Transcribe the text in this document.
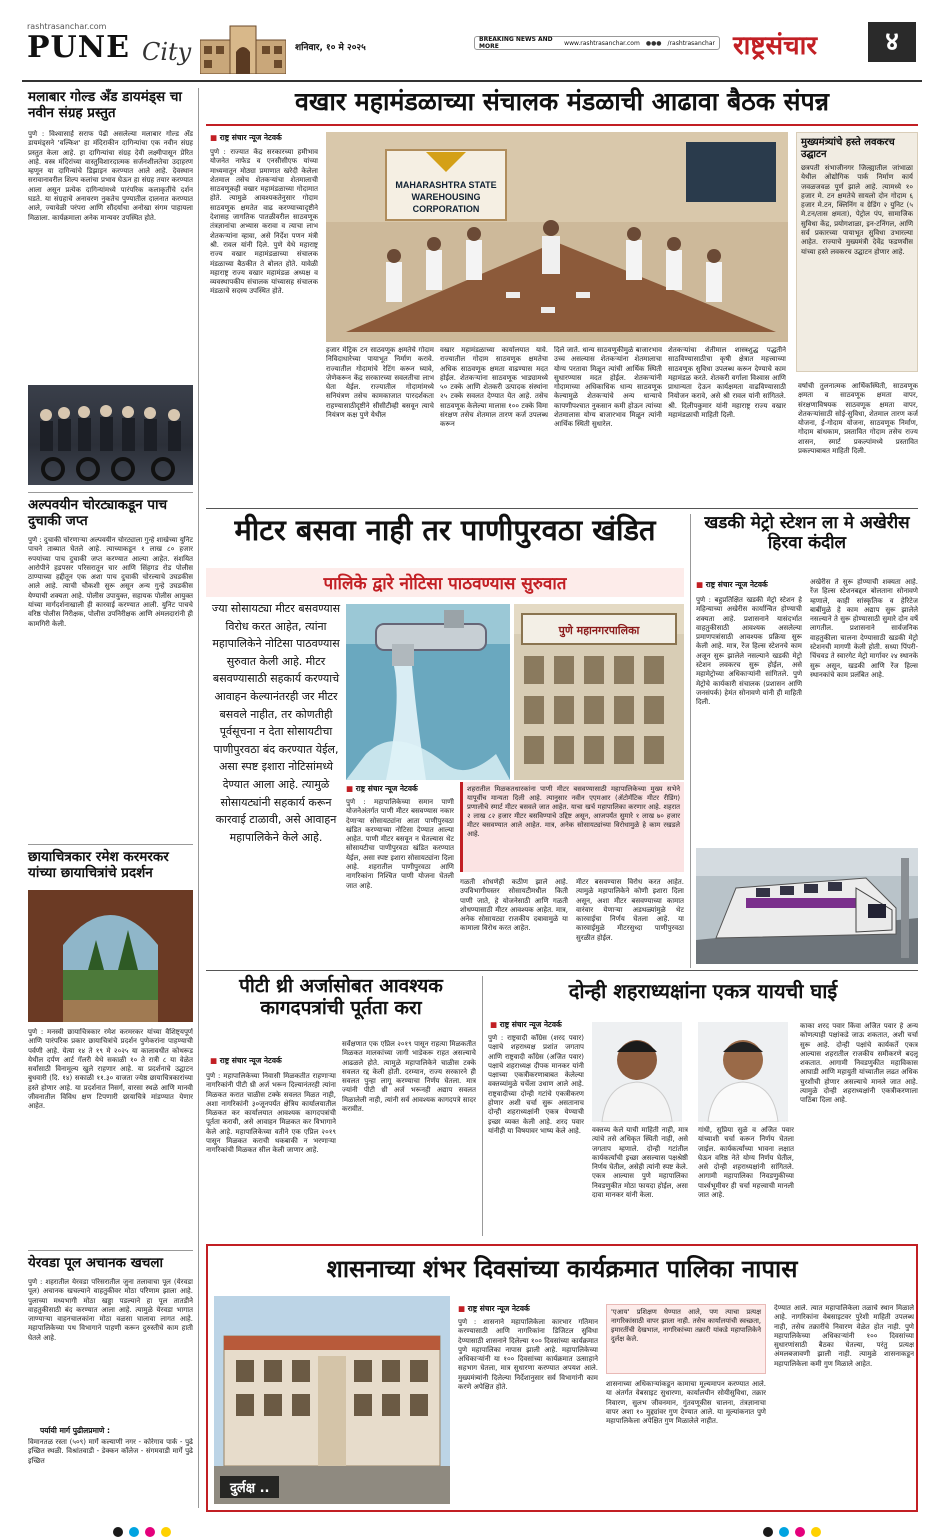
rashtrasanchar.com
PUNE City	शनिवार, १० मे २०२५
BREAKING NEWS AND MORE	www.rashtrasanchar.com ●●● /rashtrasanchar राष्ट्रसंचार	४
मलाबार गोल्ड अँड डायमंड्स चा नवीन संग्रह प्रस्तुत
पुणे : विश्वासार्ह सराफ पेढी असलेल्या मलाबार गोल्ड अँड डायमंड्सने 'वल्किश' हा मंदिराकीन दागिन्यांचा एक नवीन संग्रह प्रस्तुत केला आहे. हा दागिन्यांचा संग्रह देवी लक्ष्मीपासून प्रेरित आहे. वस्त्र मंदिरांच्या वास्तुविशारदात्मक सर्जनशीलतेचा उदाहरण म्हणून या दागिन्यांचे डिझाइन करण्यात आले आहे. देवस्थान सरावानावरील शिल्प कलांचा प्रभाव घेऊन हा संग्रह तयार करण्यात आला असून प्रत्येक दागिन्यांमध्ये पारंपरिक कलाकृतींचे दर्शन घडते. या संग्रहाचे अनावरण नुकतेच पुण्यातील दालनात करण्यात आले, ज्यावेळी परंपरा आणि सौंदर्याचा अनोखा संगम पाहायला मिळाला. कार्यक्रमाला अनेक मान्यवर उपस्थित होते.
अल्पवयीन चोरट्याकडून पाच दुचाकी जप्त
पुणे : दुचाकी चोरणाऱ्या अल्पवयीन चोरट्याला गुन्हे शाखेच्या युनिट पाचने ताब्यात घेतले आहे. त्याच्याकडून १ लाख ८० हजार रुपयांच्या पाच दुचाकी जप्त करण्यात आल्या आहेत. संशयित आरोपीने हडपसर परिसरातून चार आणि सिंहगड रोड पोलीस ठाण्याच्या हद्दीतून एक अशा पाच दुचाकी चोरल्याचे उघडकीस आले आहे. त्याची चौकशी सुरू असून अन्य गुन्हे उघडकीस येण्याची शक्यता आहे. पोलीस उपायुक्त, सहायक पोलीस आयुक्त यांच्या मार्गदर्शनाखाली ही कारवाई करण्यात आली. युनिट पाचचे वरिष्ठ पोलीस निरीक्षक, पोलीस उपनिरीक्षक आणि अंमलदारांनी ही कामगिरी केली.
छायाचित्रकार रमेश करमरकर यांच्या छायाचित्रांचे प्रदर्शन
पुणे : मनस्वी छायाचित्रकार रमेश करमरकर यांच्या वैशिष्ट्यपूर्ण आणि पारंपरिक प्रकार छायाचित्रांचे प्रदर्शन पुणेकरांना पाहण्याची पर्वणी आहे. येत्या १४ ते १९ मे २०२५ या कालावधीत कोथरूड येथील दर्पण आर्ट गॅलरी येथे सकाळी १० ते रात्री ८ या वेळेत सर्वांसाठी विनामूल्य खुले राहणार आहे. या प्रदर्शनाचे उद्घाटन बुधवारी (दि. १४) सकाळी ११.३० वाजता ज्येष्ठ छायाचित्रकारांच्या हस्ते होणार आहे. या प्रदर्शनात निसर्ग, वारसा स्थळे आणि मानवी जीवनातील विविध क्षण टिपणारी छायाचित्रे मांडण्यात येणार आहेत.
येरवडा पूल अचानक खचला
पुणे : शहरातील येरवडा परिसरातील जुना तलावाचा पूल (येरवडा पूल) अचानक खचल्याने वाहतुकीवर मोठा परिणाम झाला आहे. पुलाच्या मध्यभागी मोठा खड्डा पडल्याने हा पूल तातडीने वाहतुकीसाठी बंद करण्यात आला आहे. त्यामुळे येरवडा भागात जाण्याऱ्या वाहनचालकांना मोठा वळसा घालावा लागत आहे. महापालिकेच्या पथ विभागाने पाहणी करून दुरुस्तीचे काम हाती घेतले आहे.
पर्यायी मार्ग पुढीलप्रमाणे :
विमानतळ रस्ता (५०९) मार्गे कल्याणी नगर - कोरेगाव पार्क - पुढे इच्छित स्थळी. विश्रांतवाडी - डेक्कन कॉलेज - संगमवाडी मार्गे पुढे इच्छित
वखार महामंडळाच्या संचालक मंडळाची आढावा बैठक संपन्न
■ राष्ट्र संचार न्यूज नेटवर्क
पुणे : राज्यात केंद्र सरकारच्या हमीभाव योजनेत नाफेड व एनसीसीएफ यांच्या माध्यमातून मोठ्या प्रमाणात खरेदी केलेला शेतमाल तसेच शेतकऱ्यांचा शेतमालाची साठवणूकही वखार महामंडळाच्या गोदामात होते. त्यामुळे आवश्यकतेनुसार गोदाम साठवणूक क्षमतेत वाढ करण्याच्यादृष्टीने देशासह जागतिक पातळीवरील साठवणूक तंत्रज्ञानांचा अभ्यास करावा व त्याचा लाभ शेतकऱ्यांना व्हावा, असे निर्देश पणन मंत्री श्री. रावल यांनी दिले. पुणे येथे महाराष्ट्र राज्य वखार महामंडळाच्या संचालक मंडळाच्या बैठकीत ते बोलत होते. यावेळी महाराष्ट्र राज्य वखार महामंडळ अध्यक्ष व व्यवस्थापकीय संचालक यांच्यासह संचालक मंडळाचे सदस्य उपस्थित होते.
MAHARASHTRA STATE
WAREHOUSING
CORPORATION
हजार मेट्रिक टन साठवणूक क्षमतेचे गोदाम निविदाधारेच्या पायाभूत निर्माण करावे. राज्यातील गोदामांचे रेटिंग करून घ्यावे, जेणेकरून केंद्र सरकारच्या सवलतीचा लाभ घेता येईल. राज्यातील गोदामांमध्ये सनियंत्रण तसेच कामकाजात पारदर्शकता राहण्यासाठीदृष्टीने सीसीटीव्ही बसवून त्याचे नियंत्रण कक्ष पुणे येथील
वखार महामंडळाच्या कार्यालयात यावे. राज्यातील गोदाम साठवणूक क्षमतेचा अधिक साठवणूक क्षमता वाढण्यास मदत होईल. शेतकऱ्यांना साठवणूक भाड्यामध्ये ५० टक्के आणि शेतकरी उत्पादक संस्थांना २५ टक्के सवलत देण्यात येत आहे. तसेच साठवणूक केलेल्या मालास १०० टक्के विमा संरक्षण तसेच शेतमाल तारण कर्ज उपलब्ध करून
दिले जाते. धान्य साठवणूकीमुळे बाजारभाव उच्च असल्यास शेतकऱ्यांना शेतमालाचा योग्य परतावा मिळून त्यांची आर्थिक स्थिती सुधारण्यास मदत होईल. शेतकऱ्यांनी गोदामाच्या अधिकाधिक धान्य साठवणूक केल्यामुळे शेतकऱ्यांचे अन्य धान्याचे कापणीपश्चात नुकसान कमी होऊन त्यांच्या शेतमालास योग्य बाजारभाव मिळून त्यांनी आर्थिक स्थिती सुधारेल.
शेतकऱ्यांचा शेतीमाल शास्त्रशुद्ध पद्धतीने साठविण्यासाठीचा कृषी क्षेत्रात महत्त्वाच्या साठवणूक सुविधा उपलब्ध करून देण्याचे काम महामंडळ करते. शेतकरी वर्गाला विश्वास आणि प्राधान्यता देऊन कार्यक्षमता वाढविण्यासाठी नियोजन करावे, असे श्री रावल यांनी सांगितले. श्री. दिलीपकुमार यांनी महाराष्ट्र राज्य वखार महामंडळाची माहिती दिली.
मुख्यमंत्र्यांचे हस्ते लवकरच उद्घाटन
छत्रपती संभाजीनगर जिल्ह्यातील जांभाळा येथील ओद्योगिक पार्क निर्माण कार्य जवळजवळ पूर्ण झाले आहे. त्यामध्ये १० हजार मे. टन क्षमतेचे सायलो दोन गोदाम ६ हजार मे.टन, क्लिनिंग व ग्रेडिंग २ युनिट (५ मे.टन/तास क्षमता), पेट्रोल पंप, सामाजिक सुविधा केंद्र, प्रयोगशाळा, इन-टनिंगल, आणि सर्व प्रकारच्या पायाभूत सुविधा उभारल्या आहेत. राज्याचे मुख्यमंत्री देवेंद्र फडणवीस यांच्या हस्ते लवकरच उद्घाटन होणार आहे.
वर्षाची तुलनात्मक आर्थिकस्थिती, साठवणूक क्षमता व साठवणूक क्षमता वापर, संरक्षणाविषयक साठवणूक क्षमता वापर, शेतकऱ्यांसाठी सोई-सुविधा, शेतमाल तारण कर्ज योजना, ई-गोदाम योजना, साठवणूक निर्माण, गोदाम बांधकाम, प्रस्तावित गोदाम तसेच राज्य शासन, स्मार्ट प्रकल्पांमध्ये प्रस्तावित प्रकल्पाबाबत माहिती दिली.
मीटर बसवा नाही तर पाणीपुरवठा खंडित
पालिके द्वारे नोटिसा पाठवण्यास सुरुवात
ज्या सोसायट्या मीटर बसवण्यास विरोध करत आहेत, त्यांना महापालिकेने नोटिसा पाठवण्यास सुरुवात केली आहे. मीटर बसवण्यासाठी सहकार्य करण्याचे आवाहन केल्यानंतरही जर मीटर बसवले नाहीत, तर कोणतीही पूर्वसूचना न देता सोसायटीचा पाणीपुरवठा बंद करण्यात येईल, असा स्पष्ट इशारा नोटिसांमध्ये देण्यात आला आहे. त्यामुळे सोसायट्यांनी सहकार्य करून कारवाई टाळावी, असे आवाहन महापालिकेने केले आहे.
पुणे महानगरपालिका
■ राष्ट्र संचार न्यूज नेटवर्क
पुणे : महापालिकेच्या समान पाणी योजनेअंतर्गत पाणी मीटर बसवण्यास नकार देणाऱ्या सोसायट्यांना आता पाणीपुरवठा खंडित करण्याच्या नोटिसा देण्यात आल्या आहेत. पाणी मीटर बसवून न घेतल्यास थेट सोसायटीचा पाणीपुरवठा खंडित करण्यात येईल, असा स्पष्ट इशारा सोसायट्यांना दिला आहे. शहरातील पाणीपुरवठा आणि नागरिकांना निश्चित पाणी योजना घेतली जात आहे.
शहरातील मिळकतधारकांना पाणी मीटर बसवण्यासाठी महापालिकेच्या मुख्य सभेने यापूर्वीच मान्यता दिली आहे. त्यानुसार नवीन एएमआर (ॲटोमॅटिक मीटर रीडिंग) प्रणालीचे स्मार्ट मीटर बसवले जात आहेत. याचा खर्च महापालिका करणार आहे. शहरात २ लाख ८२ हजार मीटर बसविण्याचे उद्दिष्ट असून, आजपर्यंत सुमारे १ लाख ७० हजार मीटर बसवण्यात आले आहेत. मात्र, अनेक सोसायट्यांच्या विरोधामुळे हे काम रखडले आहे.
गळती शोधणेही कठीण झाले आहे. उपविभागीयस्तर सोसायटीमधील किती पाणी जाते, हे योजनेसाठी आणि गळती शोधण्यासाठी मीटर आवश्यक आहेत. मात्र, अनेक सोसायट्या राजकीय दबावामुळे या कामाला विरोध करत आहेत.
मीटर बसवण्यास विरोध करत आहेत. त्यामुळे महापालिकेने कोणी इशारा दिला असून, अशा मीटर बसवण्याच्या कामात वारंवार येणाऱ्या अडथळ्यांमुळे थेट कारवाईचा निर्णय घेतला आहे. या कारवाईमुळे मीटरसुध्दा पाणीपुरवठा सुरळीत होईल.
खडकी मेट्रो स्टेशन ला मे अखेरीस हिरवा कंदील
■ राष्ट्र संचार न्यूज नेटवर्क
पुणे : बहुप्रतिक्षित खडकी मेट्रो स्टेशन हे महिन्याच्या अखेरीस कार्यान्वित होण्याची शक्यता आहे. प्रशासनाने यासंदर्भात वाहतुकीसाठी आवश्यक असलेल्या प्रमाणपत्रांसाठी आवश्यक प्रक्रिया सुरू केली आहे. मात्र, रेंज हिल्स स्टेशनचे काम अजून सुरू झालेले नसल्याने खडकी मेट्रो स्टेशन लवकरच सुरू होईल, असे महामेट्रोच्या अधिकाऱ्यांनी सांगितले. पुणे मेट्रोचे कार्यकारी संचालक (प्रशासन आणि जनसंपर्क) हेमंत सोनावणे यांनी ही माहिती दिली.
अखेरीस ते सुरू होण्याची शक्यता आहे. रेंज हिल्स स्टेशनबद्दल बोलताना सोनावणे म्हणाले, काही सांस्कृतिक व हेरिटेज बाबींमुळे हे काम अद्याप सुरू झालेले नसल्याने ते सुरू होण्यासाठी सुमारे दोन वर्षे लागतील. प्रशासनाने सार्वजनिक वाहतुकीला चालना देण्यासाठी खडकी मेट्रो स्टेशनची मागणी केली होती. सध्या पिंपरी-चिंचवड ते स्वारगेट मेट्रो मार्गावर २४ स्थानके सुरू असून, खडकी आणि रेंज हिल्स स्थानकांचे काम प्रलंबित आहे.
पीटी थ्री अर्जासोबत आवश्यक कागदपत्रांची पूर्तता करा
■ राष्ट्र संचार न्यूज नेटवर्क
पुणे : महापालिकेच्या निवासी मिळकतीत राहणाऱ्या नागरिकांनी पीटी थ्री अर्ज भरून दिल्यानंतरही त्यांना मिळकत करात चाळीस टक्के सवलत मिळत नाही, अशा नागरिकांनी ३०जूनपर्यंत क्षेत्रिय कार्यालयातील मिळकत कर कार्यालयात आवश्यक कागदपत्रांची पूर्तता करावी, असे आवाहन मिळकत कर विभागाने केले आहे. महापालिकेच्या वतीने एक एप्रिल २०१९ पासून मिळकत कराची थकबाकी न भरणाऱ्या नागरिकांची मिळकत सील केली जाणार आहे.
सर्वेक्षणात एक एप्रिल २०१९ पासून राहत्या मिळकतीत मिळकत मालकांच्या जागी भाडेकरू राहत असल्याचे आढळले होते. त्यामुळे महापालिकेने चाळीस टक्के सवलत रद्द केली होती. दरम्यान, राज्य सरकारने ही सवलत पुन्हा लागू करण्याचा निर्णय घेतला. मात्र ज्यांनी पीटी थ्री अर्ज भरूनही अद्याप सवलत मिळालेली नाही, त्यांनी सर्व आवश्यक कागदपत्रे सादर करावीत.
दोन्ही शहराध्यक्षांना एकत्र यायची घाई
■ राष्ट्र संचार न्यूज नेटवर्क
पुणे : राष्ट्रवादी काँग्रेस (शरद पवार) पक्षाचे शहराध्यक्ष प्रशांत जगताप आणि राष्ट्रवादी काँग्रेस (अजित पवार) पक्षाचे शहराध्यक्ष दीपक मानकर यांनी पक्षाच्या एकत्रीकरणाबाबत केलेल्या वक्तव्यांमुळे चर्चेला उधाण आले आहे. राष्ट्रवादीच्या दोन्ही गटांचे एकत्रीकरण होणार अशी चर्चा सुरू असतानाच दोन्ही शहराध्यक्षांनी एकत्र येण्याची इच्छा व्यक्त केली आहे. शरद पवार यांनीही या विषयावर भाष्य केले आहे.	वक्तव्य केले याची माहिती नाही, मात्र त्यांचे तसे अधिकृत स्थिती नाही, असे जगताप म्हणाले. दोन्ही गटांतील कार्यकर्त्यांची इच्छा असल्यास पक्षश्रेष्ठी निर्णय घेतील, असेही त्यांनी स्पष्ट केले. एकत्र आल्यास पुणे महापालिका निवडणुकीत मोठा फायदा होईल, असा दावा मानकर यांनी केला.
गांधी, सुप्रिया सुळे व अजित पवार यांच्याशी चर्चा करून निर्णय घेतला जाईल. कार्यकर्त्यांच्या भावना लक्षात घेऊन वरिष्ठ नेते योग्य निर्णय घेतील, असे दोन्ही शहराध्यक्षांनी सांगितले. आगामी महापालिका निवडणुकीच्या पार्श्वभूमीवर ही चर्चा महत्त्वाची मानली जात आहे.
काका शरद पवार किंवा अजित पवार हे अन्य कोणत्याही पक्षांकडे जाऊ शकतात, अशी चर्चा सुरू आहे. दोन्ही पक्षांचे कार्यकर्ते एकत्र आल्यास शहरातील राजकीय समीकरणे बदलू शकतात. आगामी निवडणुकीत महाविकास आघाडी आणि महायुती यांच्यातील लढत अधिक चुरशीची होणार असल्याचे मानले जात आहे. त्यामुळे दोन्ही शहराध्यक्षांनी एकत्रीकरणाला पाठिंबा दिला आहे.
शासनाच्या शंभर दिवसांच्या कार्यक्रमात पालिका नापास
दुर्लक्ष ..
■ राष्ट्र संचार न्यूज नेटवर्क
पुणे : शासनाने महापालिकेला कारभार गतिमान करण्यासाठी आणि नागरिकांना डिजिटल सुविधा देण्यासाठी शासनाने दिलेल्या १०० दिवसांच्या कार्यक्रमात पुणे महापालिका नापास झाली आहे. महापालिकेच्या अधिकाऱ्यांनी या १०० दिवसांच्या कार्यक्रमात उत्साहाने सहभाग घेतला, मात्र सुधारणा करण्यात अपयश आले. मुख्यमंत्र्यांनी दिलेल्या निर्देशानुसार सर्व विभागांनी काम करणे अपेक्षित होते.
'एआय' प्रशिक्षण घेण्यात आले, पण त्याचा प्रत्यक्ष नागरिकांसाठी वापर झाला नाही. तसेच कार्यालयांची स्वच्छता, इमारतींची देखभाल, नागरिकांच्या तक्रारी यांकडे महापालिकेने दुर्लक्ष केले.
शासनाच्या अधिकाऱ्यांकडून कामाचा मूल्यमापन करण्यात आले. या अंतर्गत वेबसाइट सुधारणा, कार्यालयीन सोयीसुविधा, तक्रार निवारण, सुलभ जीवनमान, गुंतवणूकीस चालना, तंत्रज्ञानाचा वापर अशा १० मुद्द्यांवर गुण देण्यात आले. या मूल्यांकनात पुणे महापालिकेला अपेक्षित गुण मिळालेले नाहीत.
देण्यात आले. त्यात महापालिकेला तळाचे स्थान मिळाले आहे. नागरिकांना वेबसाइटवर पुरेशी माहिती उपलब्ध नाही, तसेच तक्रारींचे निवारण वेळेत होत नाही. पुणे महापालिकेच्या अधिकाऱ्यांनी १०० दिवसांच्या सुधारणांसाठी बैठका घेतल्या, परंतु प्रत्यक्ष अंमलबजावणी झाली नाही. त्यामुळे शासनाकडून महापालिकेला कमी गुण मिळाले आहेत.
